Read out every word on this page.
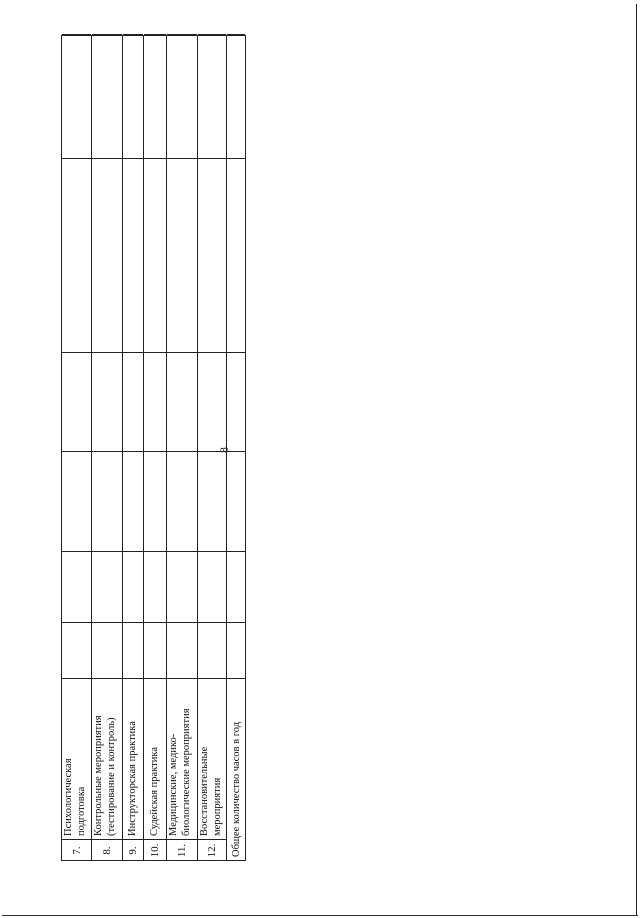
8
7.
Психологическая
подготовка
8.
Контрольные мероприятия
(тестирование и контроль)
9.
Инструкторская практика
10.
Судейская практика
11.
Медицинские, медико-
биологические мероприятия
12.
Восстановительные
мероприятия Общее количество часов в год
